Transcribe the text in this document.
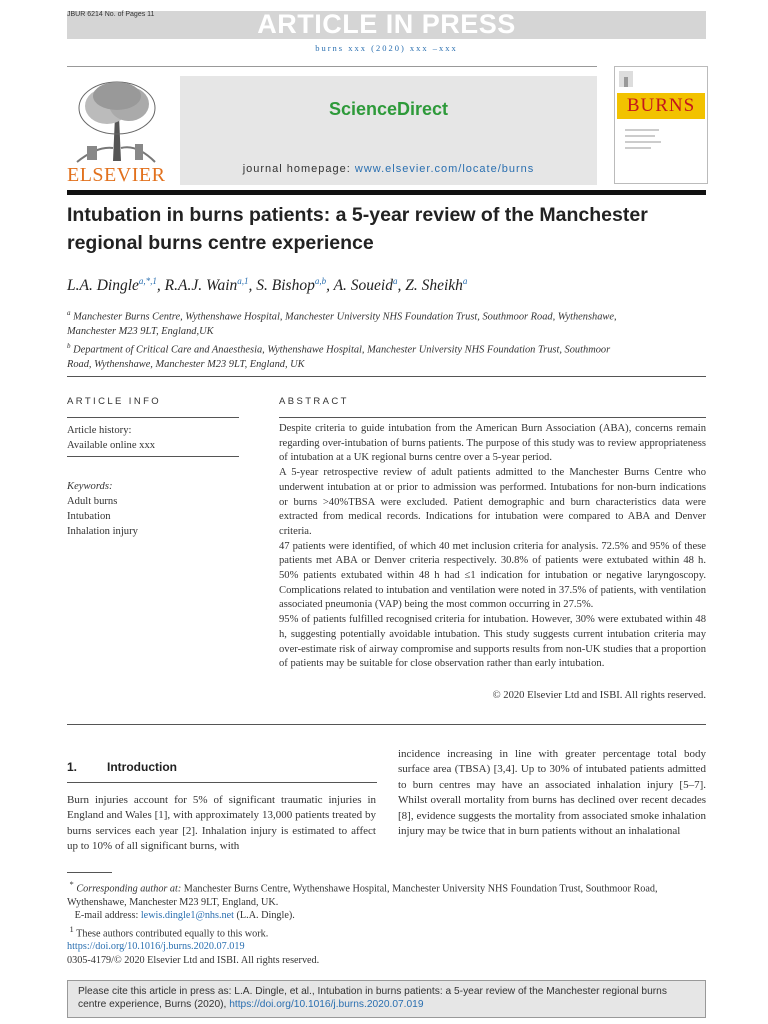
JBUR 6214 No. of Pages 11	ARTICLE IN PRESS
burns xxx (2020) xxx –xxx
ELSEVIER
ScienceDirect
journal homepage: www.elsevier.com/locate/burns
BURNS
Intubation in burns patients: a 5-year review of the Manchester regional burns centre experience
L.A. Dingle$^{a,*,1}$, R.A.J. Wain$^{a,1}$, S. Bishop$^{a,b}$, A. Soueid$^a$, Z. Sheikh$^a$
$^a$ Manchester Burns Centre, Wythenshawe Hospital, Manchester University NHS Foundation Trust, Southmoor Road, Wythenshawe, Manchester M23 9LT, England,UK
$^b$ Department of Critical Care and Anaesthesia, Wythenshawe Hospital, Manchester University NHS Foundation Trust, Southmoor Road, Wythenshawe, Manchester M23 9LT, England, UK
ARTICLE INFO
Article history:
Available online xxx
Keywords:
Adult burns
Intubation
Inhalation injury
ABSTRACT

Despite criteria to guide intubation from the American Burn Association (ABA), concerns remain regarding over-intubation of burns patients. The purpose of this study was to review appropriateness of intubation at a UK regional burns centre over a 5-year period.

A 5-year retrospective review of adult patients admitted to the Manchester Burns Centre who underwent intubation at or prior to admission was performed. Intubations for non-burn indications or burns >40%TBSA were excluded. Patient demographic and burn characteristics data were extracted from medical records. Indications for intubation were compared to ABA and Denver criteria.

47 patients were identified, of which 40 met inclusion criteria for analysis. 72.5% and 95% of these patients met ABA or Denver criteria respectively. 30.8% of patients were extubated within 48 h. 50% patients extubated within 48 h had ≤1 indication for intubation or negative laryngoscopy. Complications related to intubation and ventilation were noted in 37.5% of patients, with ventilation associated pneumonia (VAP) being the most common occurring in 27.5%.

95% of patients fulfilled recognised criteria for intubation. However, 30% were extubated within 48 h, suggesting potentially avoidable intubation. This study suggests current intubation criteria may over-estimate risk of airway compromise and supports results from non-UK studies that a proportion of patients may be suitable for close observation rather than early intubation.

© 2020 Elsevier Ltd and ISBI. All rights reserved.
1. Introduction
Burn injuries account for 5% of significant traumatic injuries in England and Wales [1], with approximately 13,000 patients treated by burns services each year [2]. Inhalation injury is estimated to affect up to 10% of all significant burns, with
incidence increasing in line with greater percentage total body surface area (TBSA) [3,4]. Up to 30% of intubated patients admitted to burn centres may have an associated inhalation injury [5–7]. Whilst overall mortality from burns has declined over recent decades [8], evidence suggests the mortality from associated smoke inhalation injury may be twice that in burn patients without an inhalational
* Corresponding author at: Manchester Burns Centre, Wythenshawe Hospital, Manchester University NHS Foundation Trust, Southmoor Road, Wythenshawe, Manchester M23 9LT, England, UK.
E-mail address: lewis.dingle1@nhs.net (L.A. Dingle).
$^1$ These authors contributed equally to this work.
https://doi.org/10.1016/j.burns.2020.07.019
0305-4179/© 2020 Elsevier Ltd and ISBI. All rights reserved.
Please cite this article in press as: L.A. Dingle, et al., Intubation in burns patients: a 5-year review of the Manchester regional burns centre experience, Burns (2020), https://doi.org/10.1016/j.burns.2020.07.019
